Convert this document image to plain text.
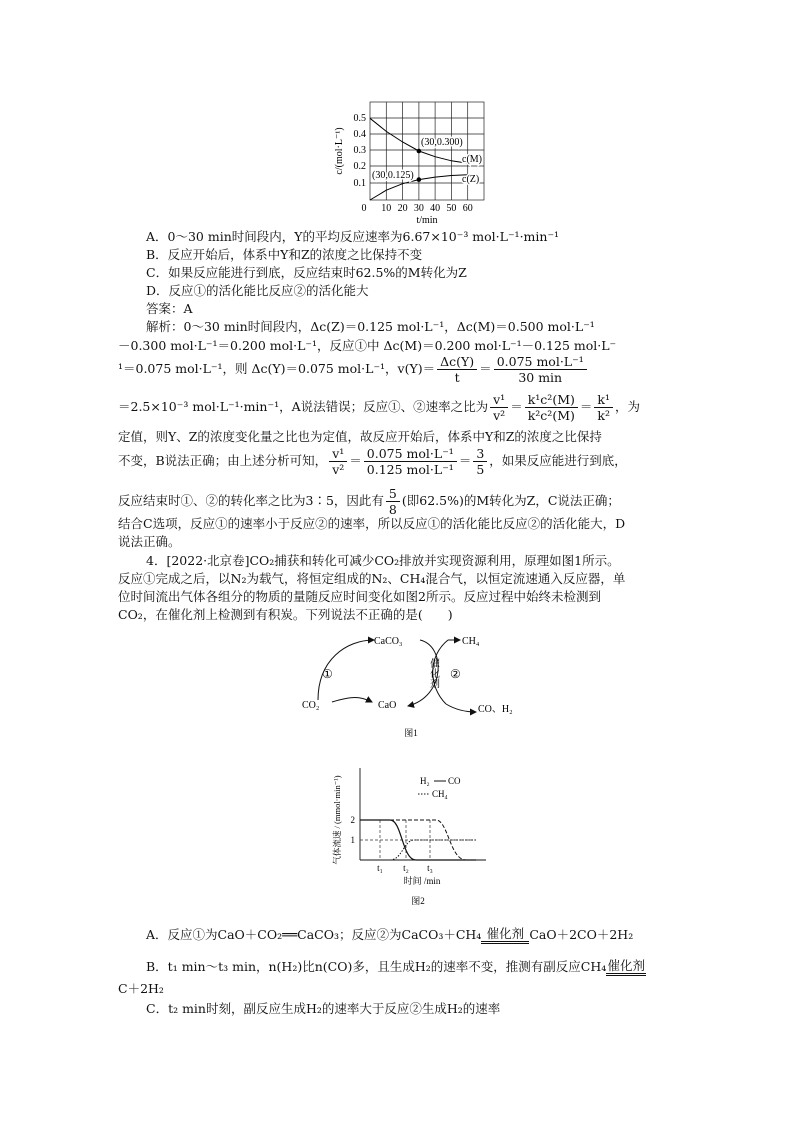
0.5
0.4
0.3
0.2
0.1
0 10 20 30 40 50 60
t/min
c/(mol·L⁻¹)	(30,0.300)
(30,0.125)
c(M)
c(Z)
A．0～30 min时间段内，Y的平均反应速率为6.67×10⁻³ mol·L⁻¹·min⁻¹
B．反应开始后，体系中Y和Z的浓度之比保持不变
C．如果反应能进行到底，反应结束时62.5%的M转化为Z
D．反应①的活化能比反应②的活化能大
答案：A
解析：0～30 min时间段内，Δc(Z)＝0.125 mol·L⁻¹，Δc(M)＝0.500 mol·L⁻¹
－0.300 mol·L⁻¹＝0.200 mol·L⁻¹，反应①中 Δc(M)＝0.200 mol·L⁻¹－0.125 mol·L⁻
¹＝0.075 mol·L⁻¹，则 Δc(Y)＝0.075 mol·L⁻¹，$v(Y)= \frac{\Delta c(Y)}{t} = \frac{\text{0.075 mol·L⁻¹}}{30 \min}$
＝2.5×10⁻³ mol·L⁻¹·min⁻¹，A说法错误；反应①、②速率之比为 $\frac{\text{v¹}}{\text{v²}} = \frac{\text{k¹c²(M)}}{\text{k²c²(M)}} = \frac{\text{k¹}}{\text{k²}}$ ，为
定值，则Y、Z的浓度变化量之比也为定值，故反应开始后，体系中Y和Z的浓度之比保持
不变，B说法正确；由上述分析可知， $\frac{\text{v¹}}{\text{v²}} = \frac{\text{0.075 mol·L⁻¹}}{\text{0.125 mol·L⁻¹}} = \frac{3}{5}$ ，如果反应能进行到底，
反应结束时①、②的转化率之比为3∶5，因此有 $\frac{5}{8}$ (即62.5%)的M转化为Z，C说法正确；
结合C选项，反应①的速率小于反应②的速率，所以反应①的活化能比反应②的活化能大，D
说法正确。
4．[2022·北京卷]CO₂捕获和转化可减少CO₂排放并实现资源利用，原理如图1所示。
反应①完成之后，以N₂为载气，将恒定组成的N₂、CH₄混合气，以恒定流速通入反应器，单
位时间流出气体各组分的物质的量随反应时间变化如图2所示。反应过程中始终未检测到
CO₂，在催化剂上检测到有积炭。下列说法不正确的是(　　)
CaCO₃
CaO
CO₂
CH₄
CO、H₂
①	②
催化剂
图1
H₂ CO
CH₄
2
1
t₁ t₂ t₃
时间 /min
气体流速 / (mmol·min⁻¹)
图2
A．反应①为CaO＋CO₂══CaCO₃；反应②为CaCO₃＋CH₄ 催化剂 CaO＋2CO＋2H₂
B．t₁ min～t₃ min，n(H₂)比n(CO)多，且生成H₂的速率不变，推测有副反应CH₄ 催化剂
C＋2H₂
C．t₂ min时刻，副反应生成H₂的速率大于反应②生成H₂的速率
